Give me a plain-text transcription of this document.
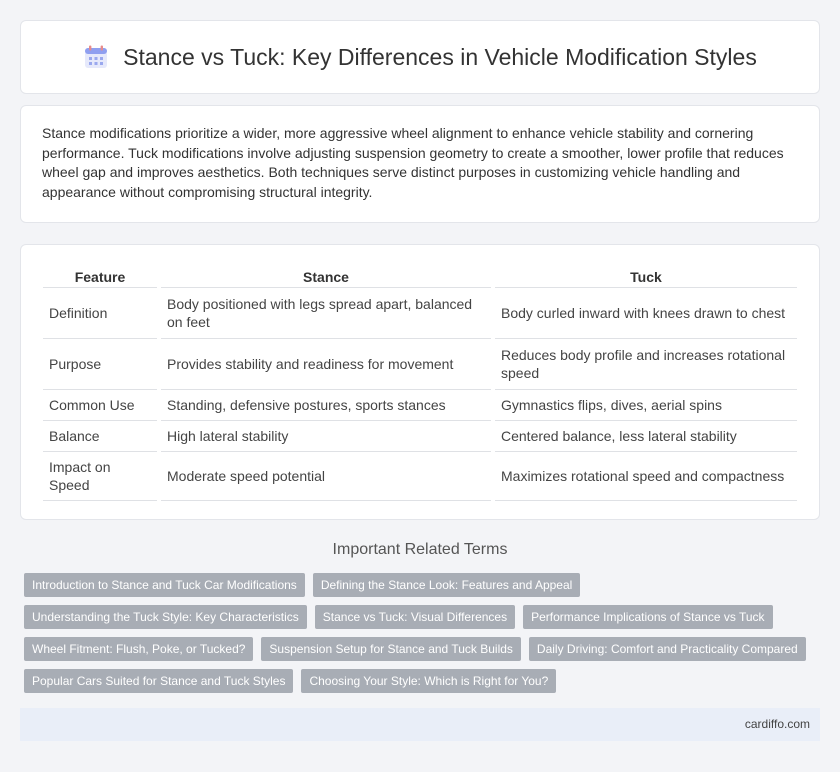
Stance vs Tuck: Key Differences in Vehicle Modification Styles

Stance modifications prioritize a wider, more aggressive wheel alignment to enhance vehicle stability and cornering performance. Tuck modifications involve adjusting suspension geometry to create a smoother, lower profile that reduces wheel gap and improves aesthetics. Both techniques serve distinct purposes in customizing vehicle handling and appearance without compromising structural integrity.

Feature	Stance	Tuck
Definition	Body positioned with legs spread apart, balanced on feet	Body curled inward with knees drawn to chest
Purpose	Provides stability and readiness for movement	Reduces body profile and increases rotational speed
Common Use	Standing, defensive postures, sports stances	Gymnastics flips, dives, aerial spins
Balance	High lateral stability	Centered balance, less lateral stability
Impact on Speed	Moderate speed potential	Maximizes rotational speed and compactness
Important Related Terms
Introduction to Stance and Tuck Car Modifications	Defining the Stance Look: Features and Appeal
Understanding the Tuck Style: Key Characteristics	Stance vs Tuck: Visual Differences	Performance Implications of Stance vs Tuck
Wheel Fitment: Flush, Poke, or Tucked?	Suspension Setup for Stance and Tuck Builds	Daily Driving: Comfort and Practicality Compared
Popular Cars Suited for Stance and Tuck Styles	Choosing Your Style: Which is Right for You?
cardiffo.com
